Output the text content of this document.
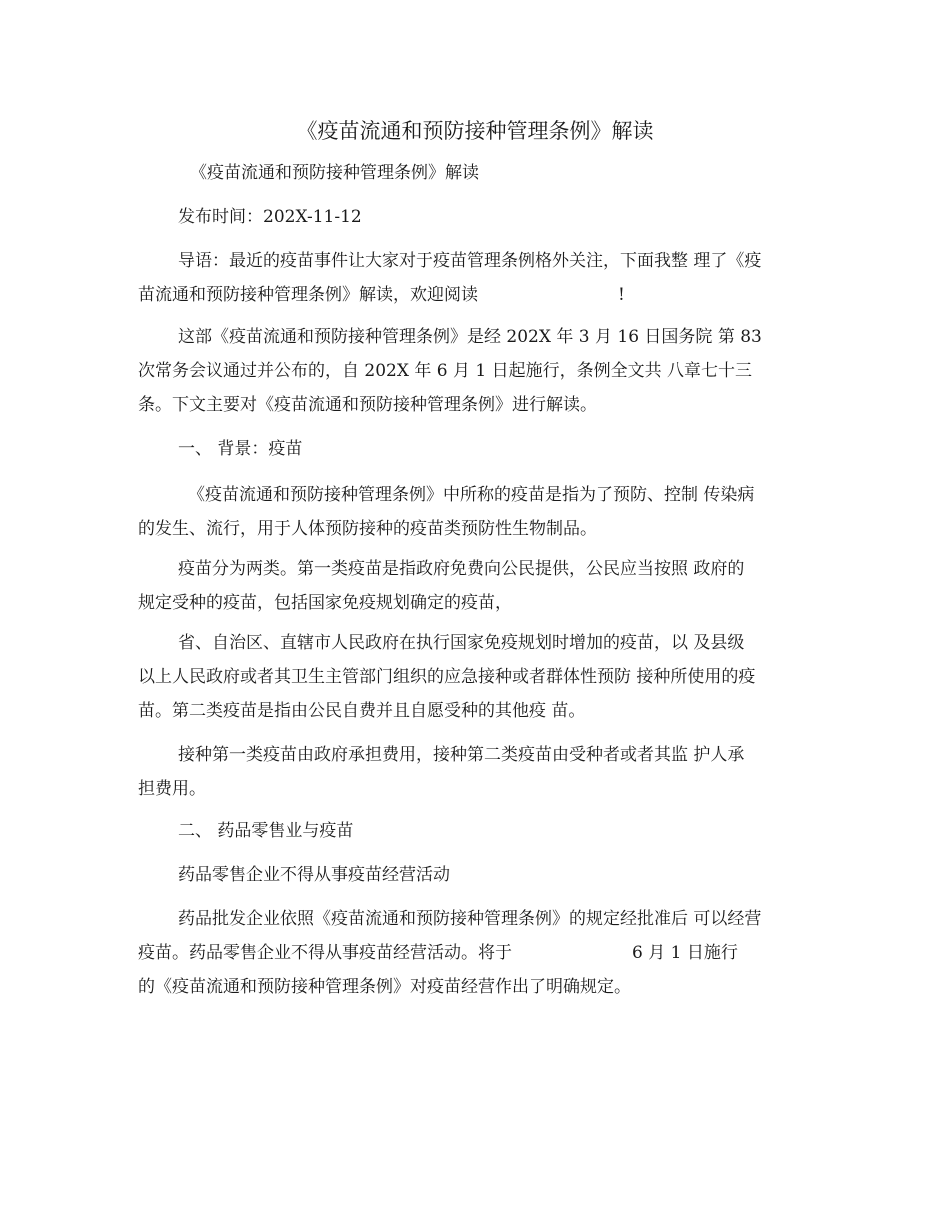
《疫苗流通和预防接种管理条例》解读
《疫苗流通和预防接种管理条例》解读
发布时间：202X-11-12
导语：最近的疫苗事件让大家对于疫苗管理条例格外关注，下面我整 理了《疫
苗流通和预防接种管理条例》解读，欢迎阅读	!
这部《疫苗流通和预防接种管理条例》是经 202X 年 3 月 16 日国务院 第 83
次常务会议通过并公布的，自 202X 年 6 月 1 日起施行，条例全文共 八章七十三
条。下文主要对《疫苗流通和预防接种管理条例》进行解读。
一、 背景：疫苗
《疫苗流通和预防接种管理条例》中所称的疫苗是指为了预防、控制 传染病
的发生、流行，用于人体预防接种的疫苗类预防性生物制品。
疫苗分为两类。第一类疫苗是指政府免费向公民提供，公民应当按照 政府的
规定受种的疫苗，包括国家免疫规划确定的疫苗，
省、自治区、直辖市人民政府在执行国家免疫规划时增加的疫苗，以 及县级
以上人民政府或者其卫生主管部门组织的应急接种或者群体性预防 接种所使用的疫
苗。第二类疫苗是指由公民自费并且自愿受种的其他疫 苗。
接种第一类疫苗由政府承担费用，接种第二类疫苗由受种者或者其监 护人承
担费用。
二、 药品零售业与疫苗
药品零售企业不得从事疫苗经营活动
药品批发企业依照《疫苗流通和预防接种管理条例》的规定经批准后 可以经营
疫苗。药品零售企业不得从事疫苗经营活动。将于	6 月 1 日施行
的《疫苗流通和预防接种管理条例》对疫苗经营作出了明确规定。
